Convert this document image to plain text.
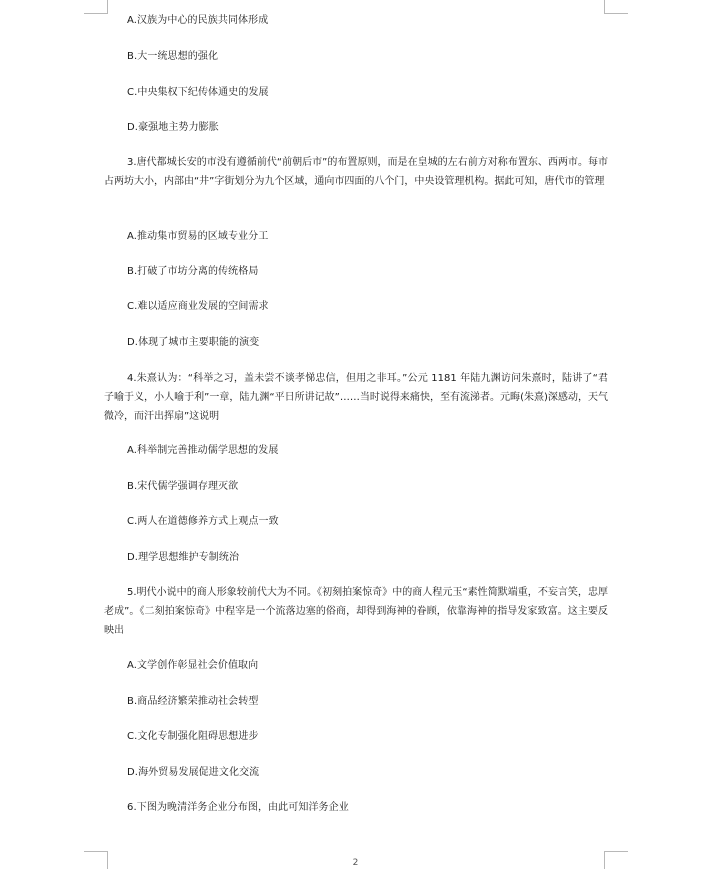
A.汉族为中心的民族共同体形成
B.大一统思想的强化
C.中央集权下纪传体通史的发展
D.豪强地主势力膨胀
3.唐代都城长安的市没有遵循前代“前朝后市”的布置原则，而是在皇城的左右前方对称布置东、西两市。每市占两坊大小，内部由“井”字街划分为九个区域，通向市四面的八个门，中央设管理机构。据此可知，唐代市的管理
A.推动集市贸易的区域专业分工
B.打破了市坊分离的传统格局
C.难以适应商业发展的空间需求
D.体现了城市主要职能的演变
4.朱熹认为：“科举之习，盖未尝不谈孝悌忠信，但用之非耳。”公元 1181 年陆九渊访问朱熹时，陆讲了“君子喻于义，小人喻于利”一章，陆九渊“平日所讲记故”……当时说得来痛快，至有流涕者。元晦(朱熹)深感动，天气微冷，而汗出挥扇”这说明
A.科举制完善推动儒学思想的发展
B.宋代儒学强调存理灭欲
C.两人在道德修养方式上观点一致
D.理学思想维护专制统治
5.明代小说中的商人形象较前代大为不同。《初刻拍案惊奇》中的商人程元玉“素性简默端重，不妄言笑，忠厚老成”。《二刻拍案惊奇》中程宰是一个流落边塞的俗商，却得到海神的眷顾，依靠海神的指导发家致富。这主要反映出
A.文学创作彰显社会价值取向
B.商品经济繁荣推动社会转型
C.文化专制强化阻碍思想进步
D.海外贸易发展促进文化交流
6.下图为晚清洋务企业分布图，由此可知洋务企业
2
